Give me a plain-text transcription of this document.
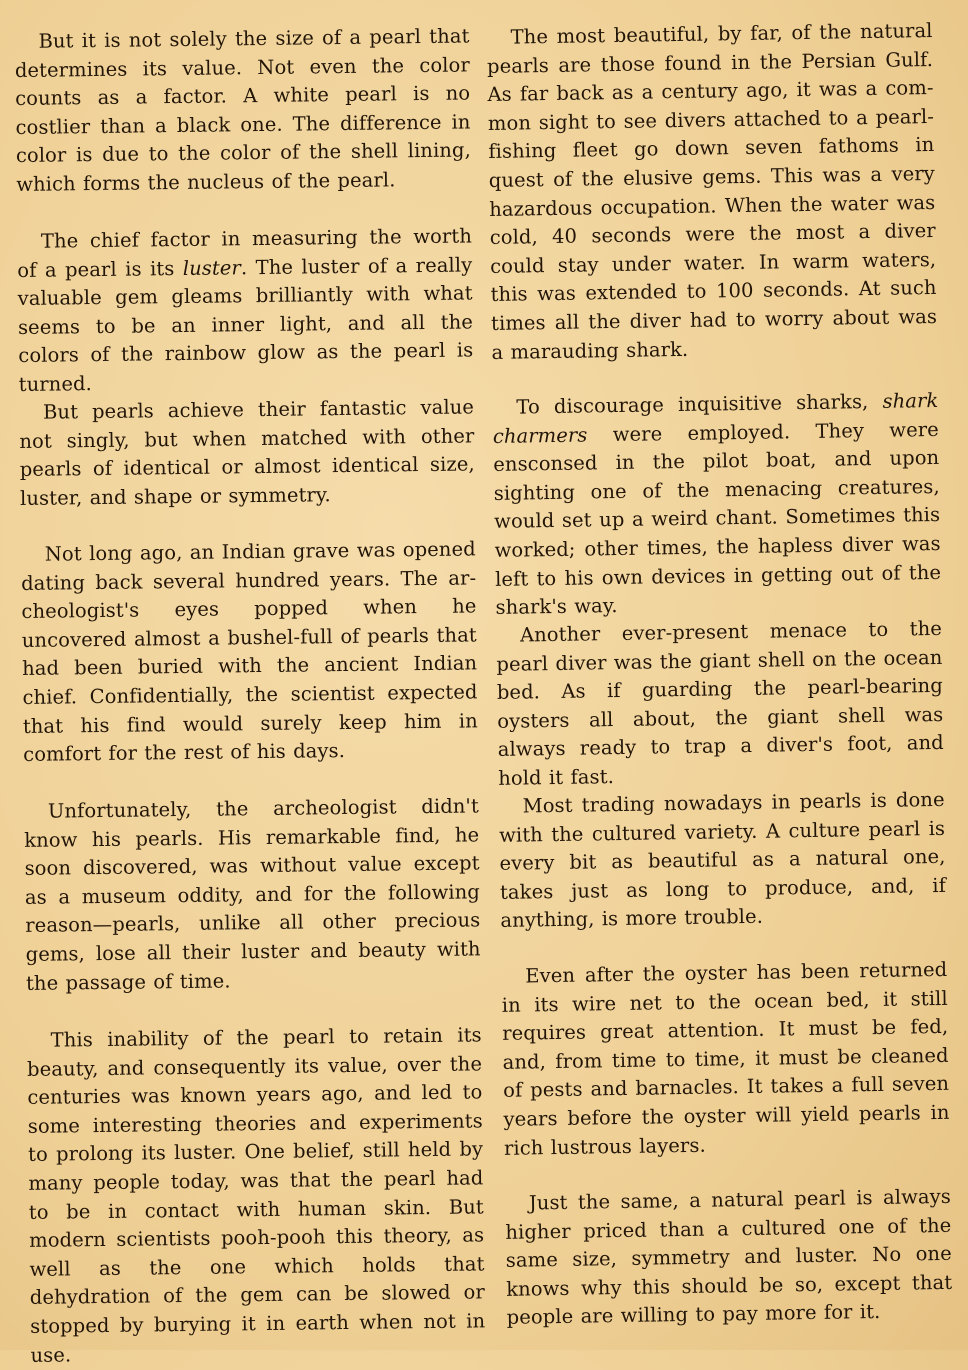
But it is not solely the size of a pearl that determines its value. Not even the color counts as a factor. A white pearl is no costlier than a black one. The difference in color is due to the color of the shell lining, which forms the nucleus of the pearl.

The chief factor in measuring the worth of a pearl is its luster. The luster of a really valuable gem gleams brilliantly with what seems to be an inner light, and all the colors of the rainbow glow as the pearl is turned.

But pearls achieve their fantastic value not singly, but when matched with other pearls of identical or almost identical size, luster, and shape or symmetry.

Not long ago, an Indian grave was opened dating back several hundred years. The archeologist's eyes popped when he uncovered almost a bushel-full of pearls that had been buried with the ancient Indian chief. Confidentially, the scientist expected that his find would surely keep him in comfort for the rest of his days.

Unfortunately, the archeologist didn't know his pearls. His remarkable find, he soon discovered, was without value except as a museum oddity, and for the following reason—pearls, unlike all other precious gems, lose all their luster and beauty with the passage of time.

This inability of the pearl to retain its beauty, and consequently its value, over the centuries was known years ago, and led to some interesting theories and experiments to prolong its luster. One belief, still held by many people today, was that the pearl had to be in contact with human skin. But modern scientists pooh-pooh this theory, as well as the one which holds that dehydration of the gem can be slowed or stopped by burying it in earth when not in use.

The most beautiful, by far, of the natural pearls are those found in the Persian Gulf. As far back as a century ago, it was a common sight to see divers attached to a pearlfishing fleet go down seven fathoms in quest of the elusive gems. This was a very hazardous occupation. When the water was cold, 40 seconds were the most a diver could stay under water. In warm waters, this was extended to 100 seconds. At such times all the diver had to worry about was a marauding shark.

To discourage inquisitive sharks, shark charmers were employed. They were ensconsed in the pilot boat, and upon sighting one of the menacing creatures, would set up a weird chant. Sometimes this worked; other times, the hapless diver was left to his own devices in getting out of the shark's way.

Another ever-present menace to the pearl diver was the giant shell on the ocean bed. As if guarding the pearl-bearing oysters all about, the giant shell was always ready to trap a diver's foot, and hold it fast.

Most trading nowadays in pearls is done with the cultured variety. A culture pearl is every bit as beautiful as a natural one, takes just as long to produce, and, if anything, is more trouble.

Even after the oyster has been returned in its wire net to the ocean bed, it still requires great attention. It must be fed, and, from time to time, it must be cleaned of pests and barnacles. It takes a full seven years before the oyster will yield pearls in rich lustrous layers.

Just the same, a natural pearl is always higher priced than a cultured one of the same size, symmetry and luster. No one knows why this should be so, except that people are willing to pay more for it.
